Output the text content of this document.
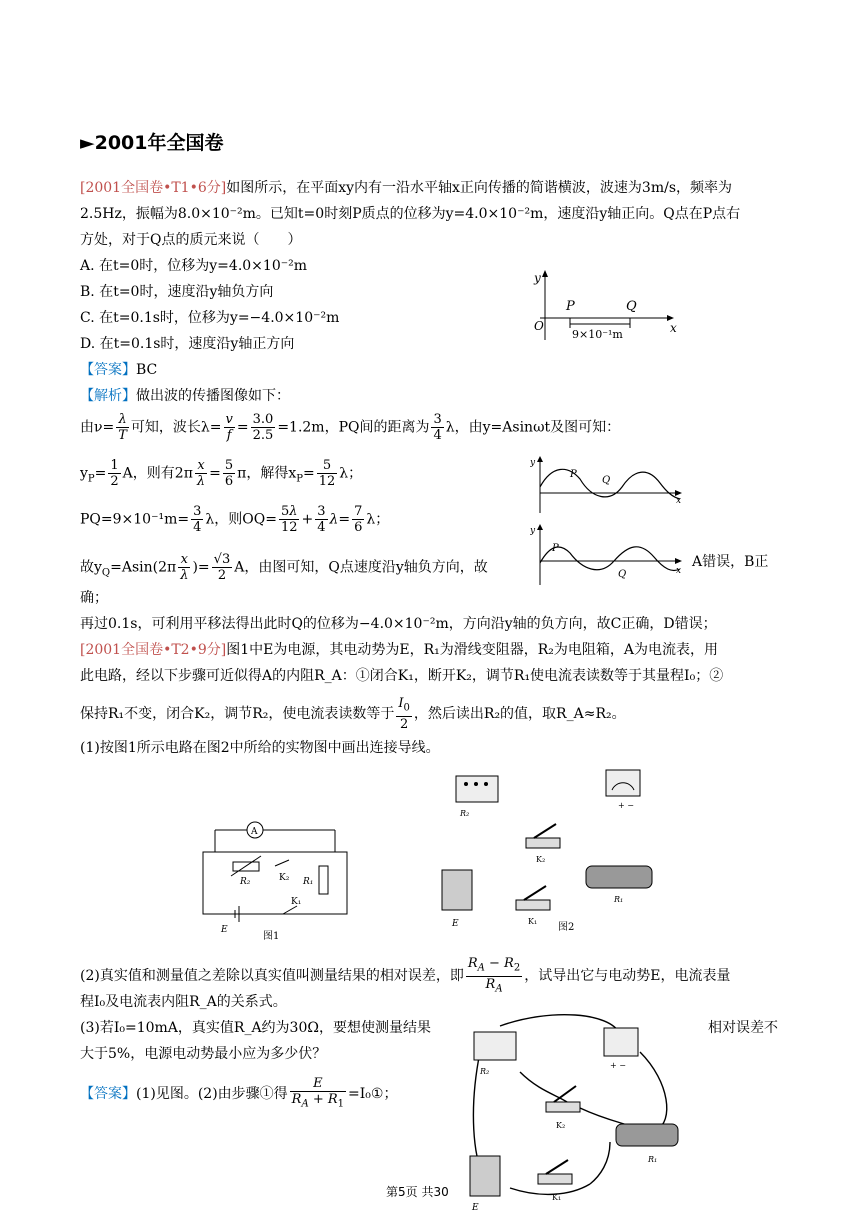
►2001年全国卷
[2001全国卷•T1•6分]如图所示，在平面xy内有一沿水平轴x正向传播的简谐横波，波速为3m/s，频率为
2.5Hz，振幅为8.0×10⁻²m。已知t=0时刻P质点的位移为y=4.0×10⁻²m，速度沿y轴正向。Q点在P点右
方处，对于Q点的质元来说（　　）
A. 在t=0时，位移为y=4.0×10⁻²m
B. 在t=0时，速度沿y轴负方向
C. 在t=0.1s时，位移为y=−4.0×10⁻²m
D. 在t=0.1s时，速度沿y轴正方向
【答案】BC
【解析】做出波的传播图像如下：
y
x
O
P	Q
9×10⁻¹m
由$\nu= \frac{\lambda}{T}$ 可知，波长$\lambda= \frac{v}{f} = \frac{3.0}{2.5} =1.2m$，PQ间的距离为 $\frac{3}{4}$ λ，由y=Asinωt及图可知：
$y_P= \frac{1}{2}$ A，则有$2\pi \frac{x}{\lambda} = \frac{5}{6}$ π，解得$x_P= \frac{5}{12}$ λ；
$PQ=9\times 10^{-1}m= \frac{3}{4}$ λ，则$OQ= \frac{5\lambda}{12} + \frac{3}{4} \lambda= \frac{7}{6}$ λ；
故$y_Q=Asin(2\pi \frac{x}{\lambda}$ )= $\frac{√3}{2}$ A，由图可知，Q点速度沿y轴负方向，故	A错误，B正
确；
再过0.1s，可利用平移法得出此时Q的位移为−4.0×10⁻²m，方向沿y轴的负方向，故C正确，D错误；
y
x
P
Q
y
x
P
Q
[2001全国卷•T2•9分]图1中E为电源，其电动势为E，R₁为滑线变阻器，R₂为电阻箱，A为电流表，用
此电路，经以下步骤可近似得A的内阻R_A：①闭合K₁，断开K₂，调节R₁使电流表读数等于其量程I₀；②
保持R₁不变，闭合K₂，调节R₂，使电流表读数等于 $\frac{I_0}{2}$ ，然后读出R₂的值，取R_A≈R₂。
(1)按图1所示电路在图2中所给的实物图中画出连接导线。
A
R₂	K₂ R₁
E
K₁
图1
R₂
+ −
K₂
E
R₁
K₁
图2
(2)真实值和测量值之差除以真实值叫测量结果的相对误差，即 $\frac{R_A - R_2}{R_A}$ ，试导出它与电动势E，电流表量
程I₀及电流表内阻R_A的关系式。
(3)若I₀=10mA，真实值R_A约为30Ω，要想使测量结果	相对误差不
大于5%，电源电动势最小应为多少伏？
【答案】(1)见图。(2)由步骤①得 $\frac{E}{R_A + R_1}$ =I₀①；
R₂
+ −
K₂
R₁
E
K₁
第5页 共30
